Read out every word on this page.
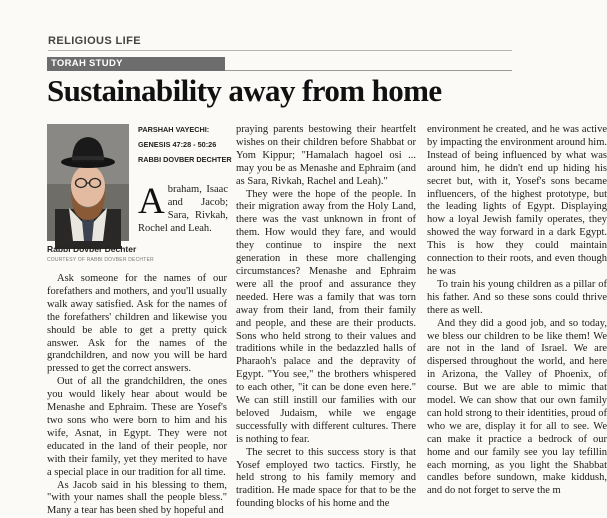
RELIGIOUS LIFE
TORAH STUDY
Sustainability away from home
Rabbi Dovber Dechter
COURTESY OF RABBI DOVBER DECHTER
PARSHAH VAYECHI:
GENESIS 47:28 - 50:26
RABBI DOVBER DECHTER

Abraham, Isaac and Jacob; Sara, Rivkah, Rochel and Leah.

Ask someone for the names of our forefathers and mothers, and you'll usually walk away satisfied. Ask for the names of the forefathers' children and likewise you should be able to get a pretty quick answer. Ask for the names of the grandchildren, and now you will be hard pressed to get the correct answers.

Out of all the grandchildren, the ones you would likely hear about would be Menashe and Ephraim. These are Yosef's two sons who were born to him and his wife, Asnat, in Egypt. They were not educated in the land of their people, nor with their family, yet they merited to have a special place in our tradition for all time.

As Jacob said in his blessing to them, "with your names shall the people bless." Many a tear has been shed by hopeful and

praying parents bestowing their heartfelt wishes on their children before Shabbat or Yom Kippur; "Hamalach hagoel osi ... may you be as Menashe and Ephraim (and as Sara, Rivkah, Rachel and Leah)."

They were the hope of the people. In their migration away from the Holy Land, there was the vast unknown in front of them. How would they fare, and would they continue to inspire the next generation in these more challenging circumstances? Menashe and Ephraim were all the proof and assurance they needed. Here was a family that was torn away from their land, from their family and people, and these are their products. Sons who held strong to their values and traditions while in the bedazzled halls of Pharaoh's palace and the depravity of Egypt. "You see," the brothers whispered to each other, "it can be done even here." We can still instill our families with our beloved Judaism, while we engage successfully with different cultures. There is nothing to fear.

The secret to this success story is that Yosef employed two tactics. Firstly, he held strong to his family memory and tradition. He made space for that to be the founding blocks of his home and the

environment he created, and he was active by impacting the environment around him. Instead of being influenced by what was around him, he didn't end up hiding his secret but, with it, Yosef's sons became influencers, of the highest prototype, but the leading lights of Egypt. Displaying how a loyal Jewish family operates, they showed the way forward in a dark Egypt. This is how they could maintain connection to their roots, and even though he was

To train his young children as a pillar of his father. And so these sons could thrive there as well.

And they did a good job, and so today, we bless our children to be like them! We are not in the land of Israel. We are dispersed throughout the world, and here in Arizona, the Valley of Phoenix, of course. But we are able to mimic that model. We can show that our own family can hold strong to their identities, proud of who we are, display it for all to see. We can make it practice a bedrock of our home and our family see you lay tefillin each morning, as you light the Shabbat candles before sundown, make kiddush, and do not forget to serve the m
